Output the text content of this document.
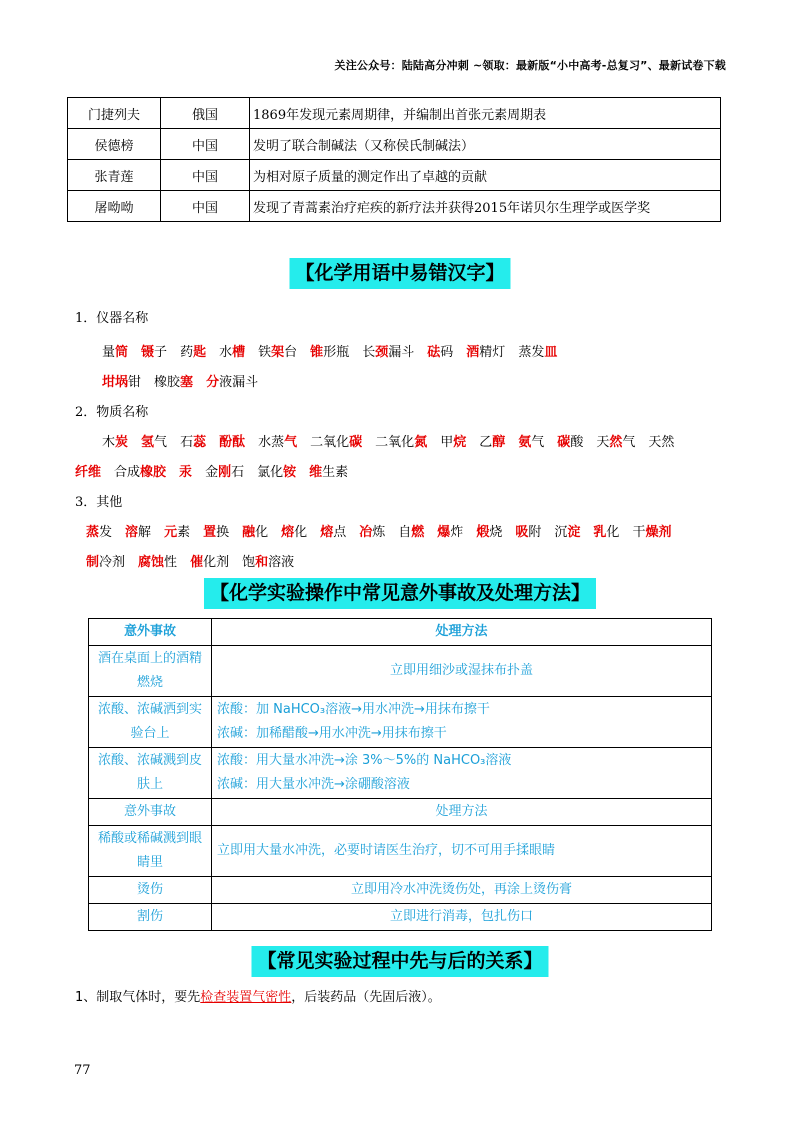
关注公众号：陆陆高分冲刺 ~领取：最新版“小中高考-总复习”、最新试卷下载
门捷列夫	俄国	1869年发现元素周期律，并编制出首张元素周期表
侯德榜	中国	发明了联合制碱法（又称侯氏制碱法）
张青莲	中国	为相对原子质量的测定作出了卓越的贡献
屠呦呦	中国	发现了青蒿素治疗疟疾的新疗法并获得2015年诺贝尔生理学或医学奖
【化学用语中易错汉字】
1．仪器名称
量筒 镊子 药匙 水槽 铁架台 锥形瓶 长颈漏斗 砝码 酒精灯 蒸发皿
坩埚钳 橡胶塞 分液漏斗
2．物质名称
木炭 氢气 石蕊 酚酞 水蒸气 二氧化碳 二氧化氮 甲烷 乙醇 氨气 碳酸 天然气 天然
纤维 合成橡胶 汞 金刚石 氯化铵 维生素
3．其他
蒸发 溶解 元素 置换 融化 熔化 熔点 冶炼 自燃 爆炸 煅烧 吸附 沉淀 乳化 干燥剂
制冷剂 腐蚀性 催化剂 饱和溶液
【化学实验操作中常见意外事故及处理方法】
意外事故	处理方法
酒在桌面上的酒精燃烧	立即用细沙或湿抹布扑盖

浓酸、浓碱洒到实验台上	浓酸：加 NaHCO₃溶液→用水冲洗→用抹布擦干
浓碱：加稀醋酸→用水冲洗→用抹布擦干

浓酸、浓碱溅到皮肤上	浓酸：用大量水冲洗→涂 3%～5%的 NaHCO₃溶液
浓碱：用大量水冲洗→涂硼酸溶液

意外事故	处理方法

稀酸或稀碱溅到眼睛里	立即用大量水冲洗，必要时请医生治疗，切不可用手揉眼睛

烫伤	立即用冷水冲洗烫伤处，再涂上烫伤膏

割伤	立即进行消毒，包扎伤口
【常见实验过程中先与后的关系】
1、制取气体时，要先检查装置气密性，后装药品（先固后液）。
77
